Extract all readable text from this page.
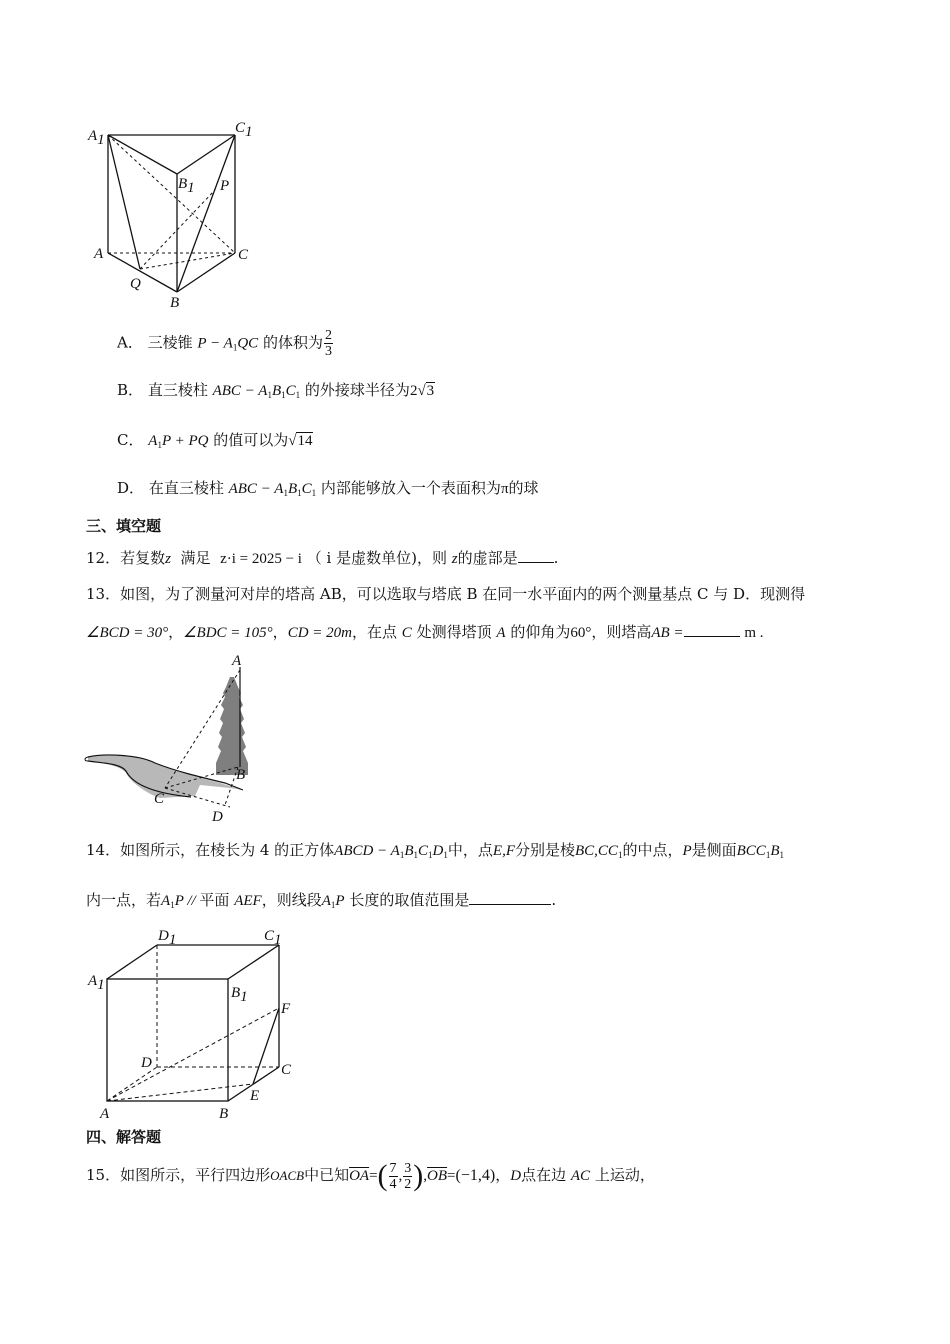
A1
C1
B1 P
A	C
Q
B
A． 三棱锥 $P - A_1QC$ 的体积为 $\frac{2}{3}$
B． 直三棱柱 ABC − $A_1B_1C_1$ 的外接球半径为2√3
C． $A_1P$ + PQ 的值可以为√14
D． 在直三棱柱 ABC − $A_1B_1C_1$ 内部能够放入一个表面积为π的球
三、填空题
12．若复数z 满足 z·i = 2025 − i （ i 是虚数单位)，则 z的虚部是 .
13．如图，为了测量河对岸的塔高 AB，可以选取与塔底 B 在同一水平面内的两个测量基点 C 与 D．现测得
∠BCD = 30°，∠BDC = 105°，CD = 20m，在点 C 处测得塔顶 A 的仰角为60°，则塔高AB =	m .
A
B
C
D
14．如图所示，在棱长为 4 的正方体ABCD − $A_1B_1C_1D_1$中，点E,F分别是棱$BC,CC_1$的中点，P是侧面$BCC_1B_1$
内一点，若$A_1P$ // 平面 AEF，则线段$A_1P$ 长度的取值范围是	.
D1	C1
A1	B1
F
D	C
E
A	B
四、解答题
15．如图所示，平行四边形OACB中已知$\overline{OA}=( \frac{7}{4}$ , $\frac{3}{2} ),\overline{OB}=(-1,4)$，D点在边 AC 上运动，
